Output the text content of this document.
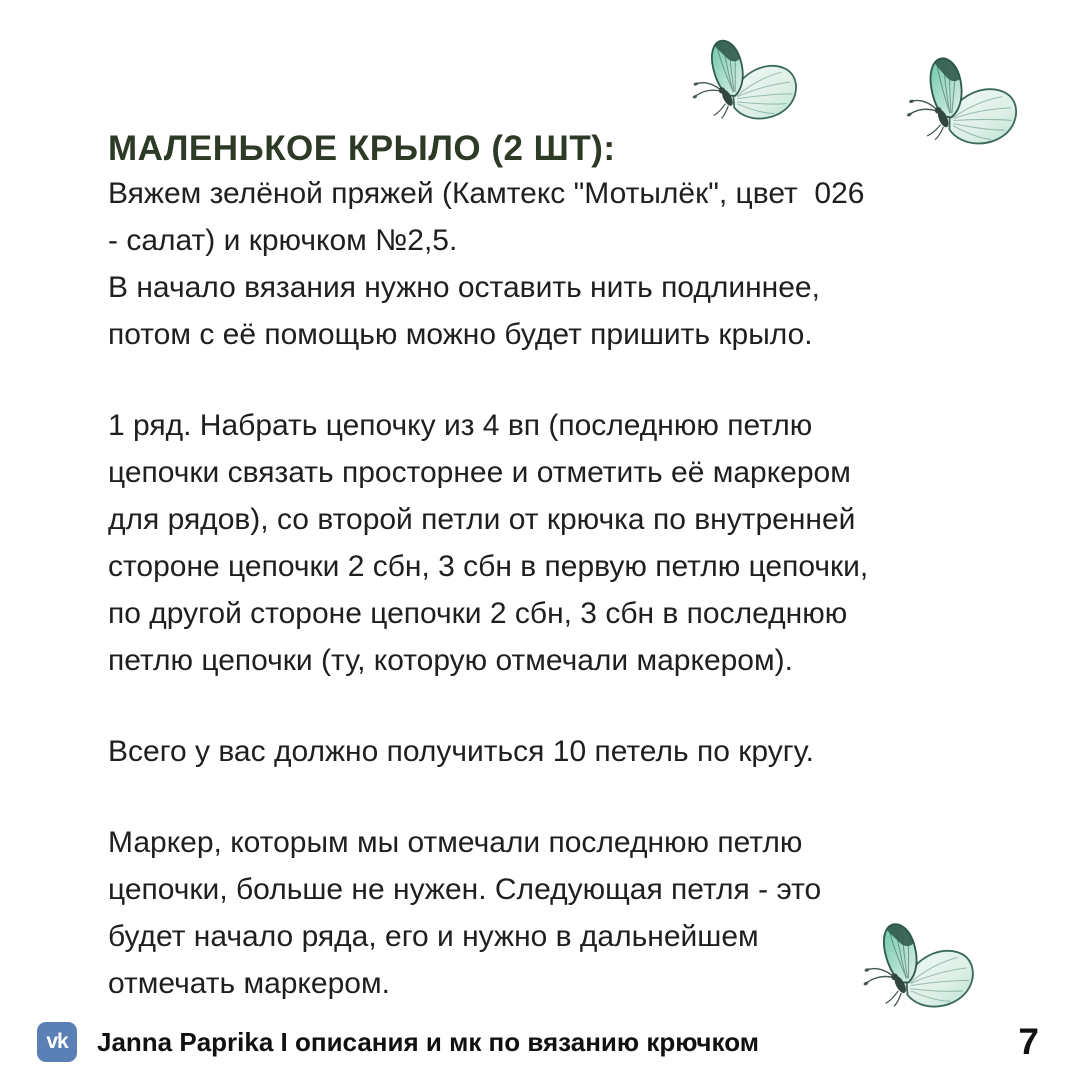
МАЛЕНЬКОЕ КРЫЛО (2 ШТ):

Вяжем зелёной пряжей (Камтекс "Мотылёк", цвет  026
- салат) и крючком №2,5.
В начало вязания нужно оставить нить подлиннее,
потом с её помощью можно будет пришить крыло.

1 ряд. Набрать цепочку из 4 вп (последнюю петлю
цепочки связать просторнее и отметить её маркером
для рядов), со второй петли от крючка по внутренней
стороне цепочки 2 сбн, 3 сбн в первую петлю цепочки,
по другой стороне цепочки 2 сбн, 3 сбн в последнюю
петлю цепочки (ту, которую отмечали маркером).

Всего у вас должно получиться 10 петель по кругу.

Маркер, которым мы отмечали последнюю петлю
цепочки, больше не нужен. Следующая петля - это
будет начало ряда, его и нужно в дальнейшем
отмечать маркером.

vk	Janna Paprika I описания и мк по вязанию крючком	7
